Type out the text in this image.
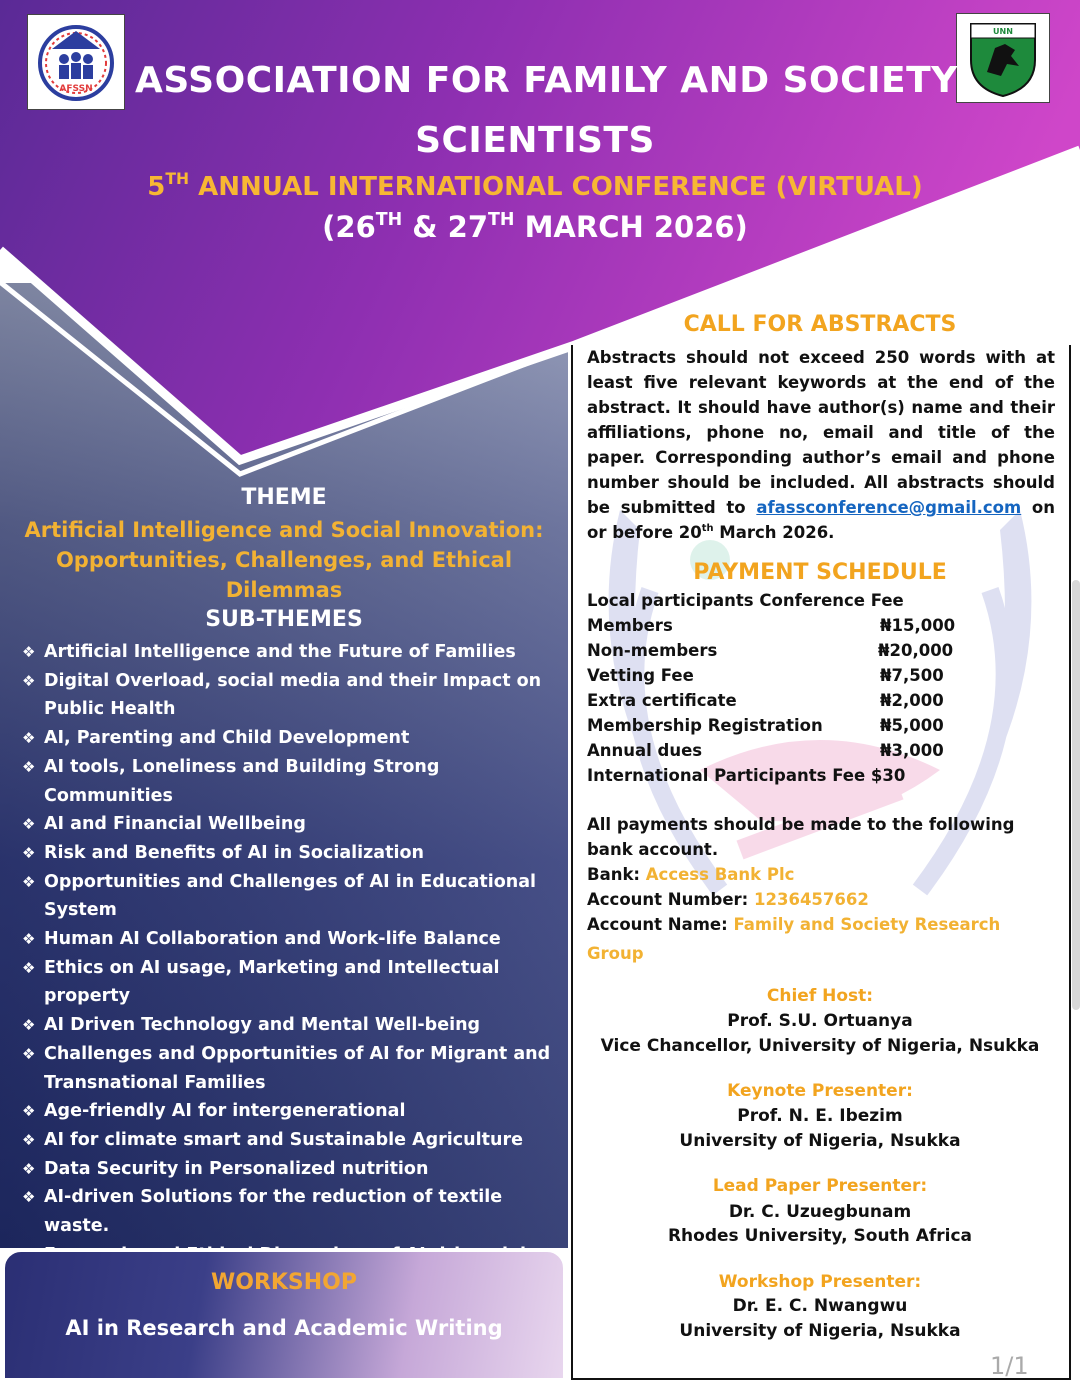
AFSSN
UNN
ASSOCIATION FOR FAMILY AND SOCIETY
SCIENTISTS
5TH ANNUAL INTERNATIONAL CONFERENCE (VIRTUAL)
(26TH & 27TH MARCH 2026)
THEME
Artificial Intelligence and Social Innovation:
Opportunities, Challenges, and Ethical
Dilemmas
SUB-THEMES
❖ Artificial Intelligence and the Future of Families
❖ Digital Overload, social media and their Impact on Public Health
❖ AI, Parenting and Child Development
❖ AI tools, Loneliness and Building Strong Communities
❖ AI and Financial Wellbeing
❖ Risk and Benefits of AI in Socialization
❖ Opportunities and Challenges of AI in Educational System
❖ Human AI Collaboration and Work-life Balance
❖ Ethics on AI usage, Marketing and Intellectual property
❖ AI Driven Technology and Mental Well-being
❖ Challenges and Opportunities of AI for Migrant and Transnational Families
❖ Age-friendly AI for intergenerational
❖ AI for climate smart and Sustainable Agriculture
❖ Data Security in Personalized nutrition
❖ AI-driven Solutions for the reduction of textile waste.
WORKSHOP
AI in Research and Academic Writing
CALL FOR ABSTRACTS

Abstracts should not exceed 250 words with at least five relevant keywords at the end of the abstract. It should have author(s) name and their affiliations, phone no, email and title of the paper. Corresponding author’s email and phone number should be included. All abstracts should be submitted to afassconference@gmail.com on or before 20th March 2026.

PAYMENT SCHEDULE
Local participants Conference Fee
Members	₦15,000
Non-members	₦20,000
Vetting Fee	₦7,500
Extra certificate	₦2,000
Membership Registration	₦5,000
Annual dues	₦3,000
International Participants Fee $30
All payments should be made to the following
bank account.
Bank: Access Bank Plc
Account Number: 1236457662
Account Name: Family and Society Research
Group
Chief Host:
Prof. S.U. Ortuanya
Vice Chancellor, University of Nigeria, Nsukka
Keynote Presenter:
Prof. N. E. Ibezim
University of Nigeria, Nsukka
Lead Paper Presenter:
Dr. C. Uzuegbunam
Rhodes University, South Africa
Workshop Presenter:
Dr. E. C. Nwangwu
University of Nigeria, Nsukka
1/1
